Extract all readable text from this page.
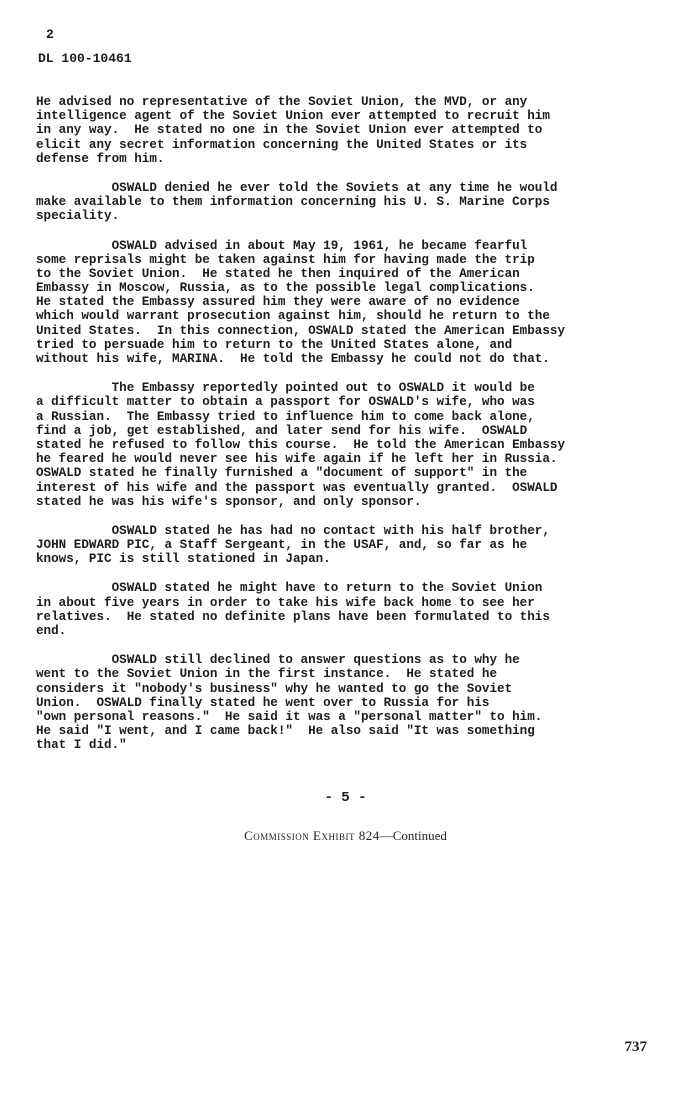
2
DL 100-10461
He advised no representative of the Soviet Union, the MVD, or any
intelligence agent of the Soviet Union ever attempted to recruit him
in any way.  He stated no one in the Soviet Union ever attempted to
elicit any secret information concerning the United States or its
defense from him.
OSWALD denied he ever told the Soviets at any time he would
make available to them information concerning his U. S. Marine Corps
speciality.
OSWALD advised in about May 19, 1961, he became fearful
some reprisals might be taken against him for having made the trip
to the Soviet Union.  He stated he then inquired of the American
Embassy in Moscow, Russia, as to the possible legal complications.
He stated the Embassy assured him they were aware of no evidence
which would warrant prosecution against him, should he return to the
United States.  In this connection, OSWALD stated the American Embassy
tried to persuade him to return to the United States alone, and
without his wife, MARINA.  He told the Embassy he could not do that.
The Embassy reportedly pointed out to OSWALD it would be
a difficult matter to obtain a passport for OSWALD's wife, who was
a Russian.  The Embassy tried to influence him to come back alone,
find a job, get established, and later send for his wife.  OSWALD
stated he refused to follow this course.  He told the American Embassy
he feared he would never see his wife again if he left her in Russia.
OSWALD stated he finally furnished a "document of support" in the
interest of his wife and the passport was eventually granted.  OSWALD
stated he was his wife's sponsor, and only sponsor.
OSWALD stated he has had no contact with his half brother,
JOHN EDWARD PIC, a Staff Sergeant, in the USAF, and, so far as he
knows, PIC is still stationed in Japan.
OSWALD stated he might have to return to the Soviet Union
in about five years in order to take his wife back home to see her
relatives.  He stated no definite plans have been formulated to this
end.
OSWALD still declined to answer questions as to why he
went to the Soviet Union in the first instance.  He stated he
considers it "nobody's business" why he wanted to go the Soviet
Union.  OSWALD finally stated he went over to Russia for his
"own personal reasons."  He said it was a "personal matter" to him.
He said "I went, and I came back!"  He also said "It was something
that I did."
- 5 -
Commission Exhibit 824—Continued
737
